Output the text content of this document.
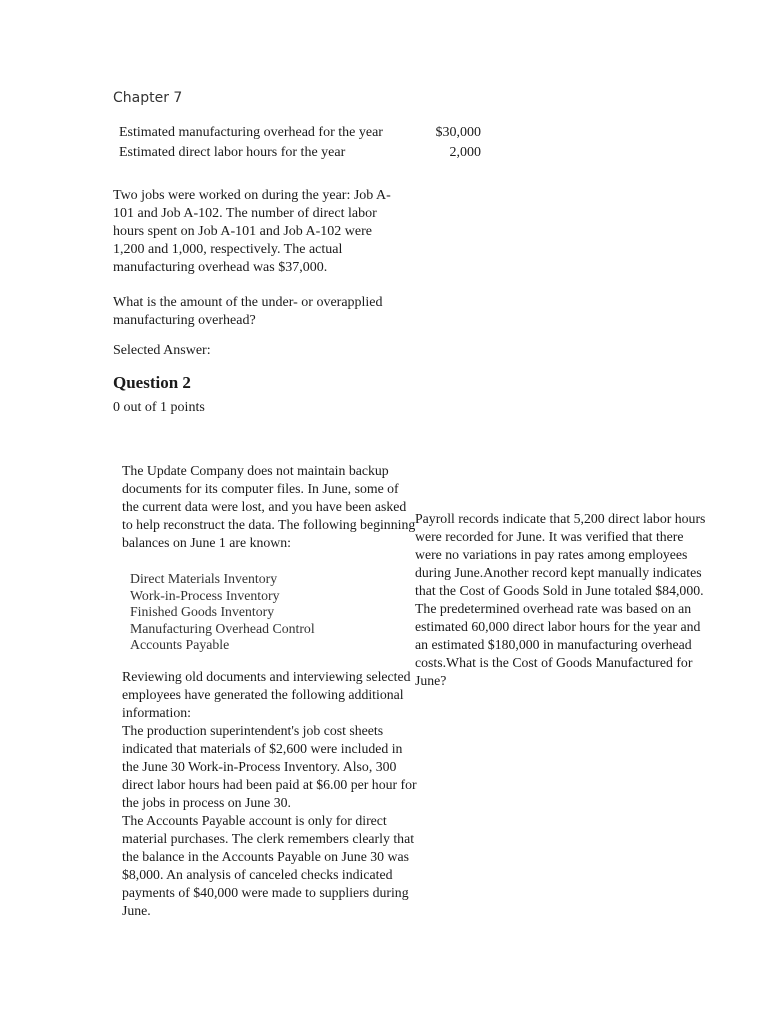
Chapter 7
Estimated manufacturing overhead for the year	$30,000
Estimated direct labor hours for the year	2,000

Two jobs were worked on during the year: Job A-101 and Job A-102. The number of direct labor hours spent on Job A-101 and Job A-102 were 1,200 and 1,000, respectively. The actual manufacturing overhead was $37,000.

What is the amount of the under- or overapplied manufacturing overhead?

Selected Answer:
Question 2
0 out of 1 points

The Update Company does not maintain backup documents for its computer files. In June, some of the current data were lost, and you have been asked to help reconstruct the data. The following beginning balances on June 1 are known:

Direct Materials Inventory
Work-in-Process Inventory
Finished Goods Inventory
Manufacturing Overhead Control
Accounts Payable

Reviewing old documents and interviewing selected employees have generated the following additional information:

The production superintendent's job cost sheets indicated that materials of $2,600 were included in the June 30 Work-in-Process Inventory. Also, 300 direct labor hours had been paid at $6.00 per hour for the jobs in process on June 30.

The Accounts Payable account is only for direct material purchases. The clerk remembers clearly that the balance in the Accounts Payable on June 30 was $8,000. An analysis of canceled checks indicated payments of $40,000 were made to suppliers during June.

Payroll records indicate that 5,200 direct labor hours were recorded for June. It was verified that there were no variations in pay rates among employees during June.Another record kept manually indicates that the Cost of Goods Sold in June totaled $84,000.

The predetermined overhead rate was based on an estimated 60,000 direct labor hours for the year and an estimated $180,000 in manufacturing overhead costs.What is the Cost of Goods Manufactured for June?
